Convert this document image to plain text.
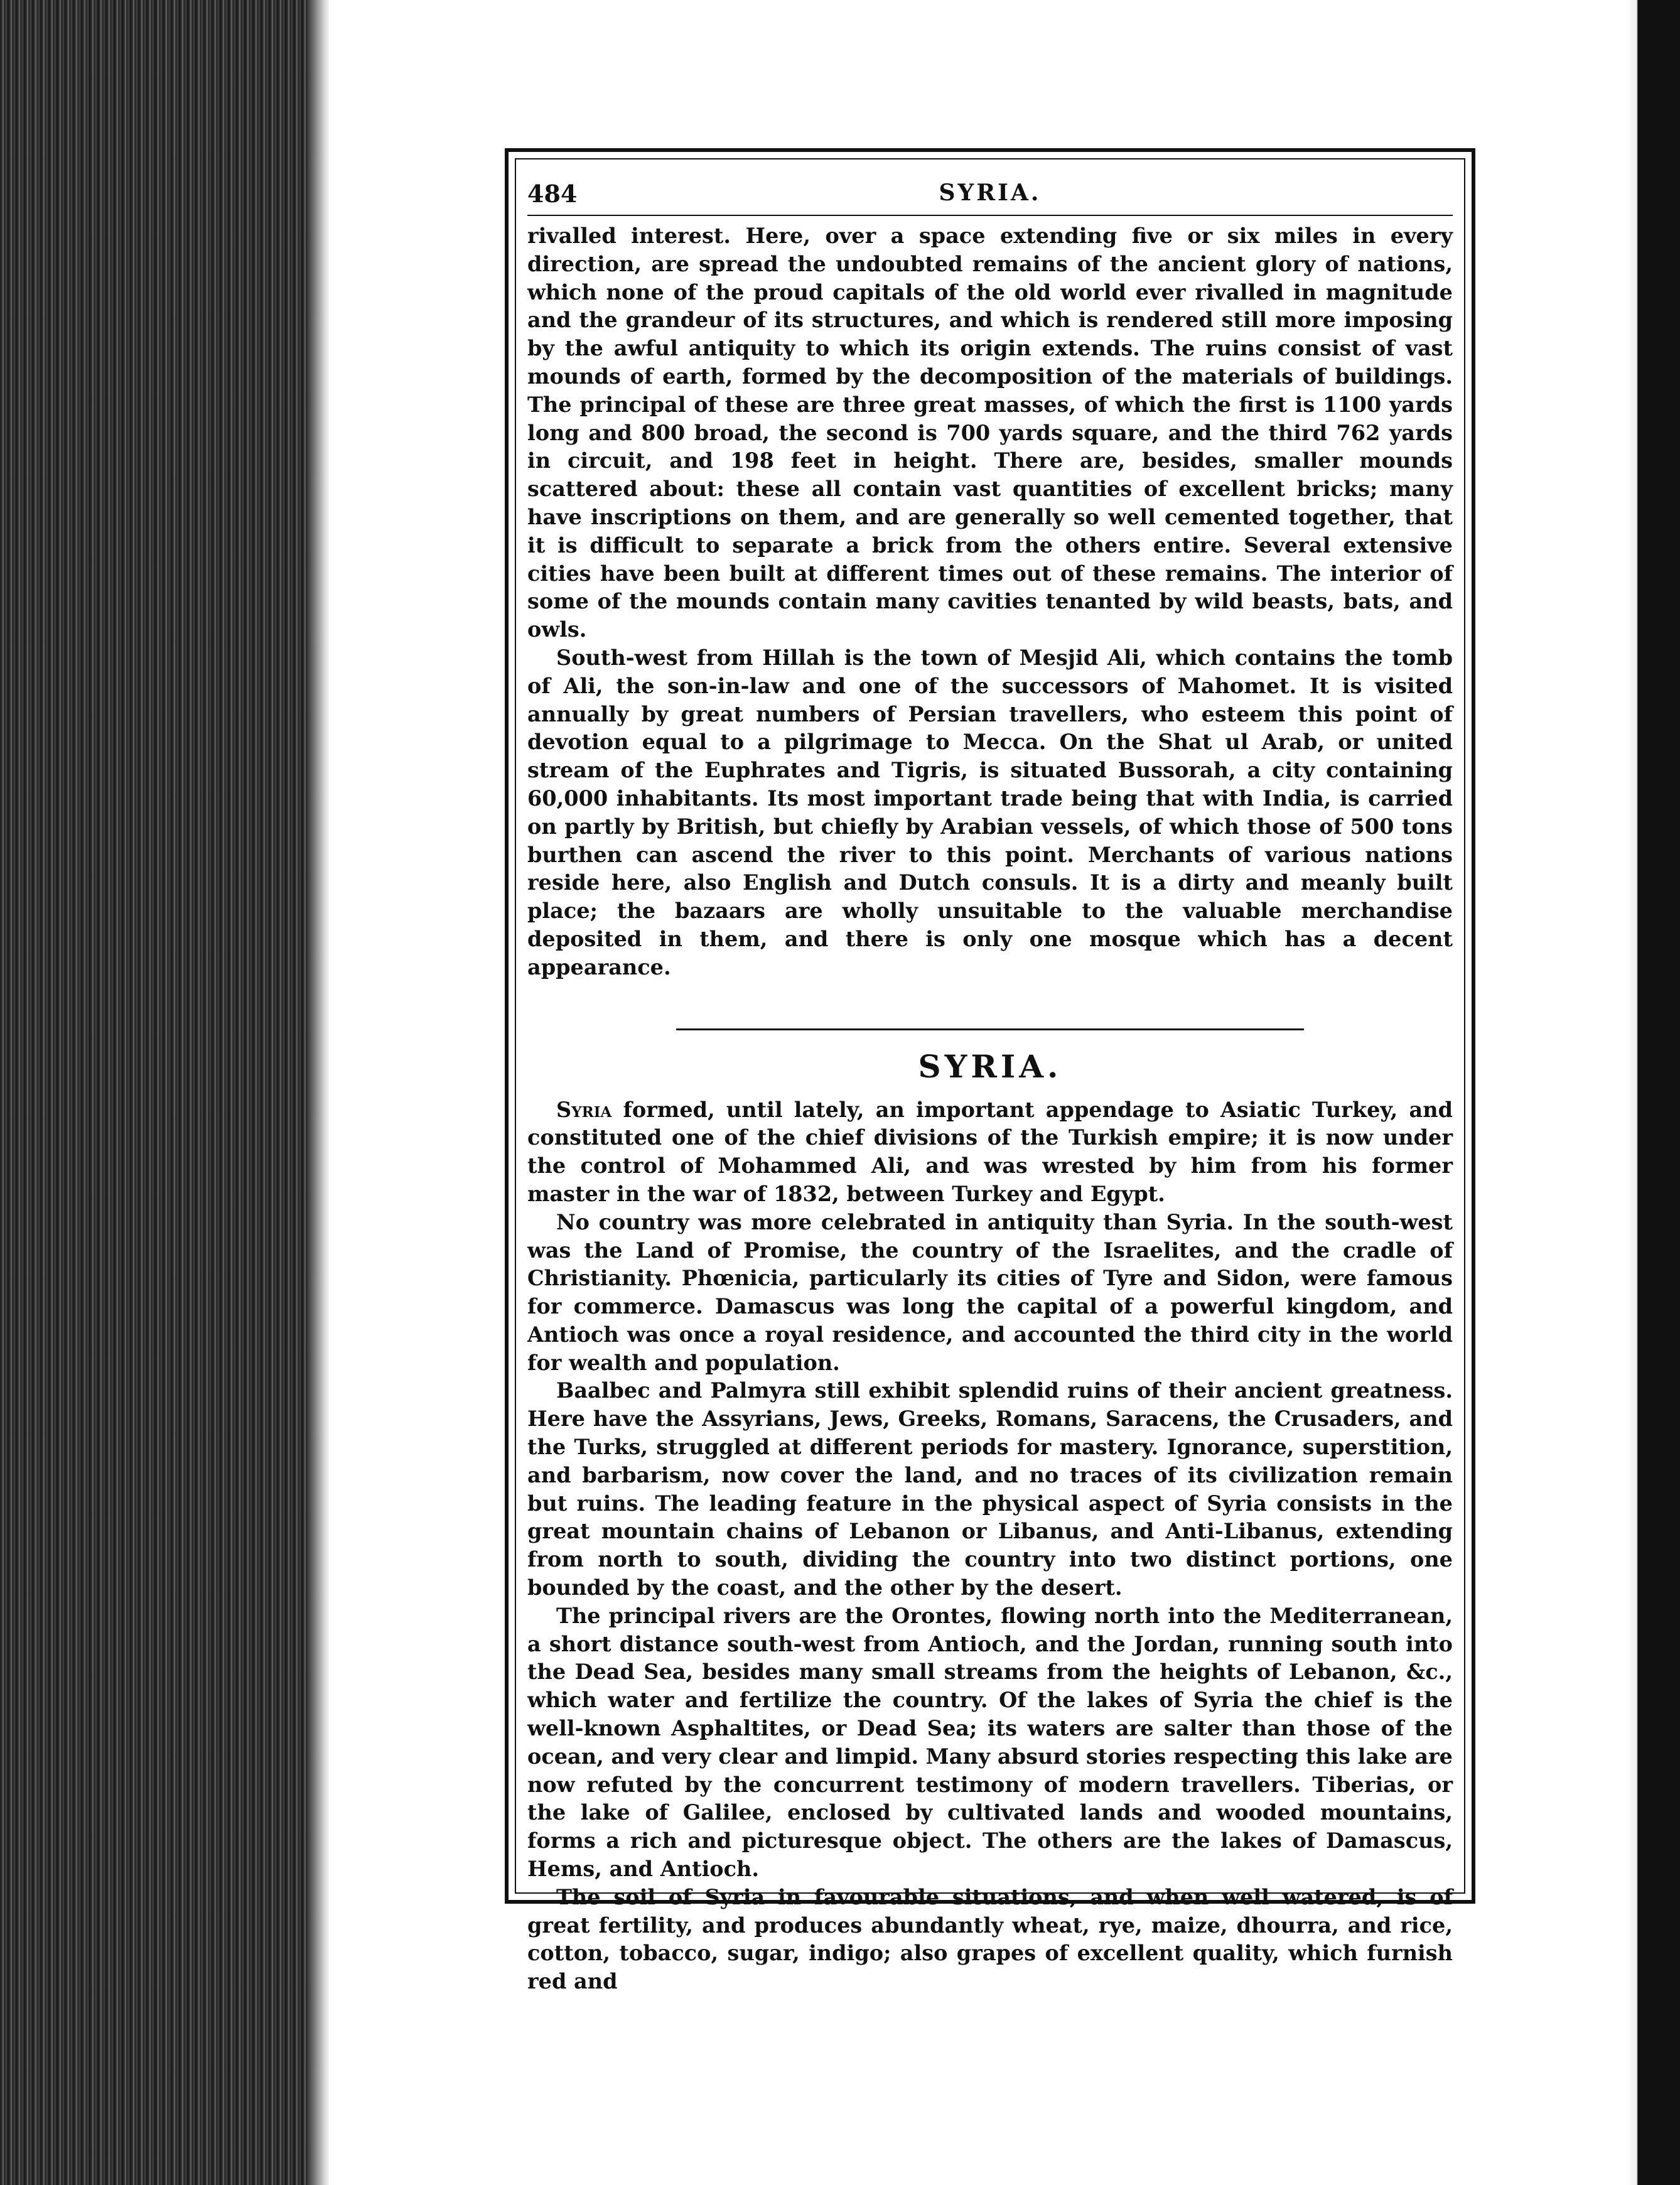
484	SYRIA.

rivalled interest. Here, over a space extending five or six miles in every direction, are spread the undoubted remains of the ancient glory of nations, which none of the proud capitals of the old world ever rivalled in magnitude and the grandeur of its structures, and which is rendered still more imposing by the awful antiquity to which its origin extends. The ruins consist of vast mounds of earth, formed by the decomposition of the materials of buildings. The principal of these are three great masses, of which the first is 1100 yards long and 800 broad, the second is 700 yards square, and the third 762 yards in circuit, and 198 feet in height. There are, besides, smaller mounds scattered about: these all contain vast quantities of excellent bricks; many have inscriptions on them, and are generally so well cemented together, that it is difficult to separate a brick from the others entire. Several extensive cities have been built at different times out of these remains. The interior of some of the mounds contain many cavities tenanted by wild beasts, bats, and owls.

South-west from Hillah is the town of Mesjid Ali, which contains the tomb of Ali, the son-in-law and one of the successors of Mahomet. It is visited annually by great numbers of Persian travellers, who esteem this point of devotion equal to a pilgrimage to Mecca. On the Shat ul Arab, or united stream of the Euphrates and Tigris, is situated Bussorah, a city containing 60,000 inhabitants. Its most important trade being that with India, is carried on partly by British, but chiefly by Arabian vessels, of which those of 500 tons burthen can ascend the river to this point. Merchants of various nations reside here, also English and Dutch consuls. It is a dirty and meanly built place; the bazaars are wholly unsuitable to the valuable merchandise deposited in them, and there is only one mosque which has a decent appearance.

SYRIA.

Syria formed, until lately, an important appendage to Asiatic Turkey, and constituted one of the chief divisions of the Turkish empire; it is now under the control of Mohammed Ali, and was wrested by him from his former master in the war of 1832, between Turkey and Egypt.

No country was more celebrated in antiquity than Syria. In the south-west was the Land of Promise, the country of the Israelites, and the cradle of Christianity. Phœnicia, particularly its cities of Tyre and Sidon, were famous for commerce. Damascus was long the capital of a powerful kingdom, and Antioch was once a royal residence, and accounted the third city in the world for wealth and population.

Baalbec and Palmyra still exhibit splendid ruins of their ancient greatness. Here have the Assyrians, Jews, Greeks, Romans, Saracens, the Crusaders, and the Turks, struggled at different periods for mastery. Ignorance, superstition, and barbarism, now cover the land, and no traces of its civilization remain but ruins. The leading feature in the physical aspect of Syria consists in the great mountain chains of Lebanon or Libanus, and Anti-Libanus, extending from north to south, dividing the country into two distinct portions, one bounded by the coast, and the other by the desert.

The principal rivers are the Orontes, flowing north into the Mediterranean, a short distance south-west from Antioch, and the Jordan, running south into the Dead Sea, besides many small streams from the heights of Lebanon, &c., which water and fertilize the country. Of the lakes of Syria the chief is the well-known Asphaltites, or Dead Sea; its waters are salter than those of the ocean, and very clear and limpid. Many absurd stories respecting this lake are now refuted by the concurrent testimony of modern travellers. Tiberias, or the lake of Galilee, enclosed by cultivated lands and wooded mountains, forms a rich and picturesque object. The others are the lakes of Damascus, Hems, and Antioch.

The soil of Syria in favourable situations, and when well watered, is of great fertility, and produces abundantly wheat, rye, maize, dhourra, and rice, cotton, tobacco, sugar, indigo; also grapes of excellent quality, which furnish red and
